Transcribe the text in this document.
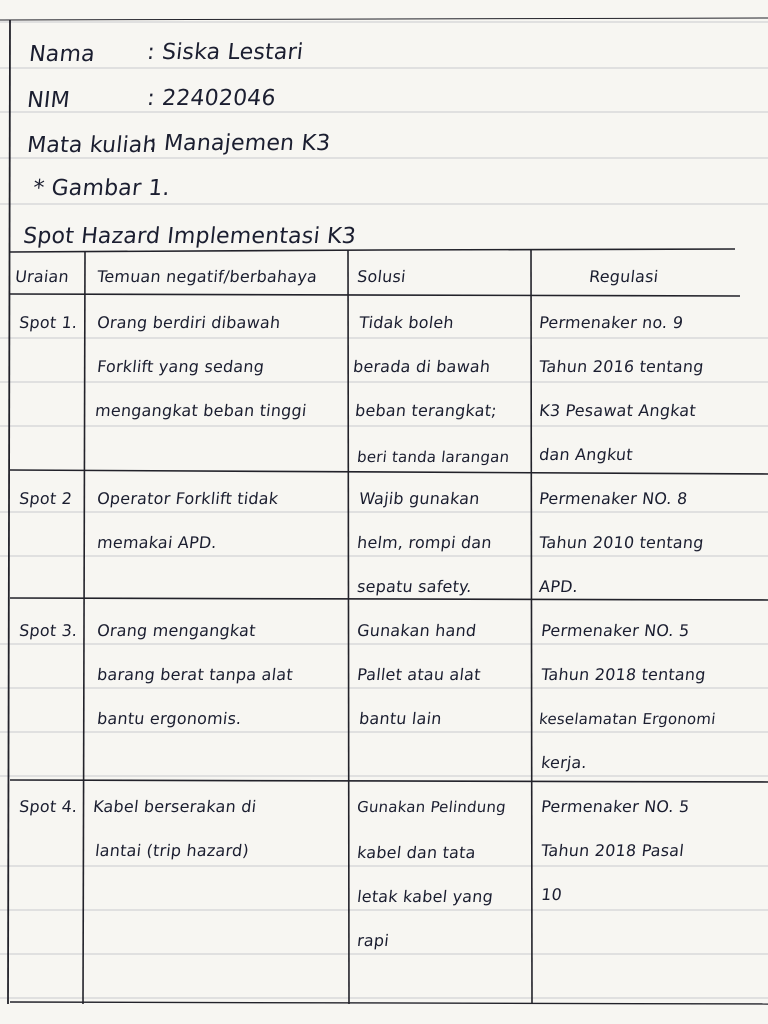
Nama : Siska Lestari
NIM	: 22402046
Mata kuliah
: Manajemen K3
* Gambar 1.
Spot Hazard Implementasi K3
Uraian Temuan negatif/berbahaya Solusi	Regulasi
Spot 1. Orang berdiri dibawah
Forklift yang sedang
mengangkat beban tinggi
Tidak boleh
berada di bawah
beban terangkat;
beri tanda larangan
Permenaker no. 9
Tahun 2016 tentang
K3 Pesawat Angkat
dan Angkut
Spot 2 Operator Forklift tidak
memakai APD.
Wajib gunakan
helm, rompi dan
sepatu safety.
Permenaker NO. 8
Tahun 2010 tentang
APD.
Spot 3. Orang mengangkat
barang berat tanpa alat
bantu ergonomis.
Gunakan hand
Pallet atau alat
bantu lain
Permenaker NO. 5
Tahun 2018 tentang
keselamatan Ergonomi
kerja.
Spot 4. Kabel berserakan di
lantai (trip hazard)
Gunakan Pelindung
kabel dan tata
letak kabel yang
rapi
Permenaker NO. 5
Tahun 2018 Pasal
10
